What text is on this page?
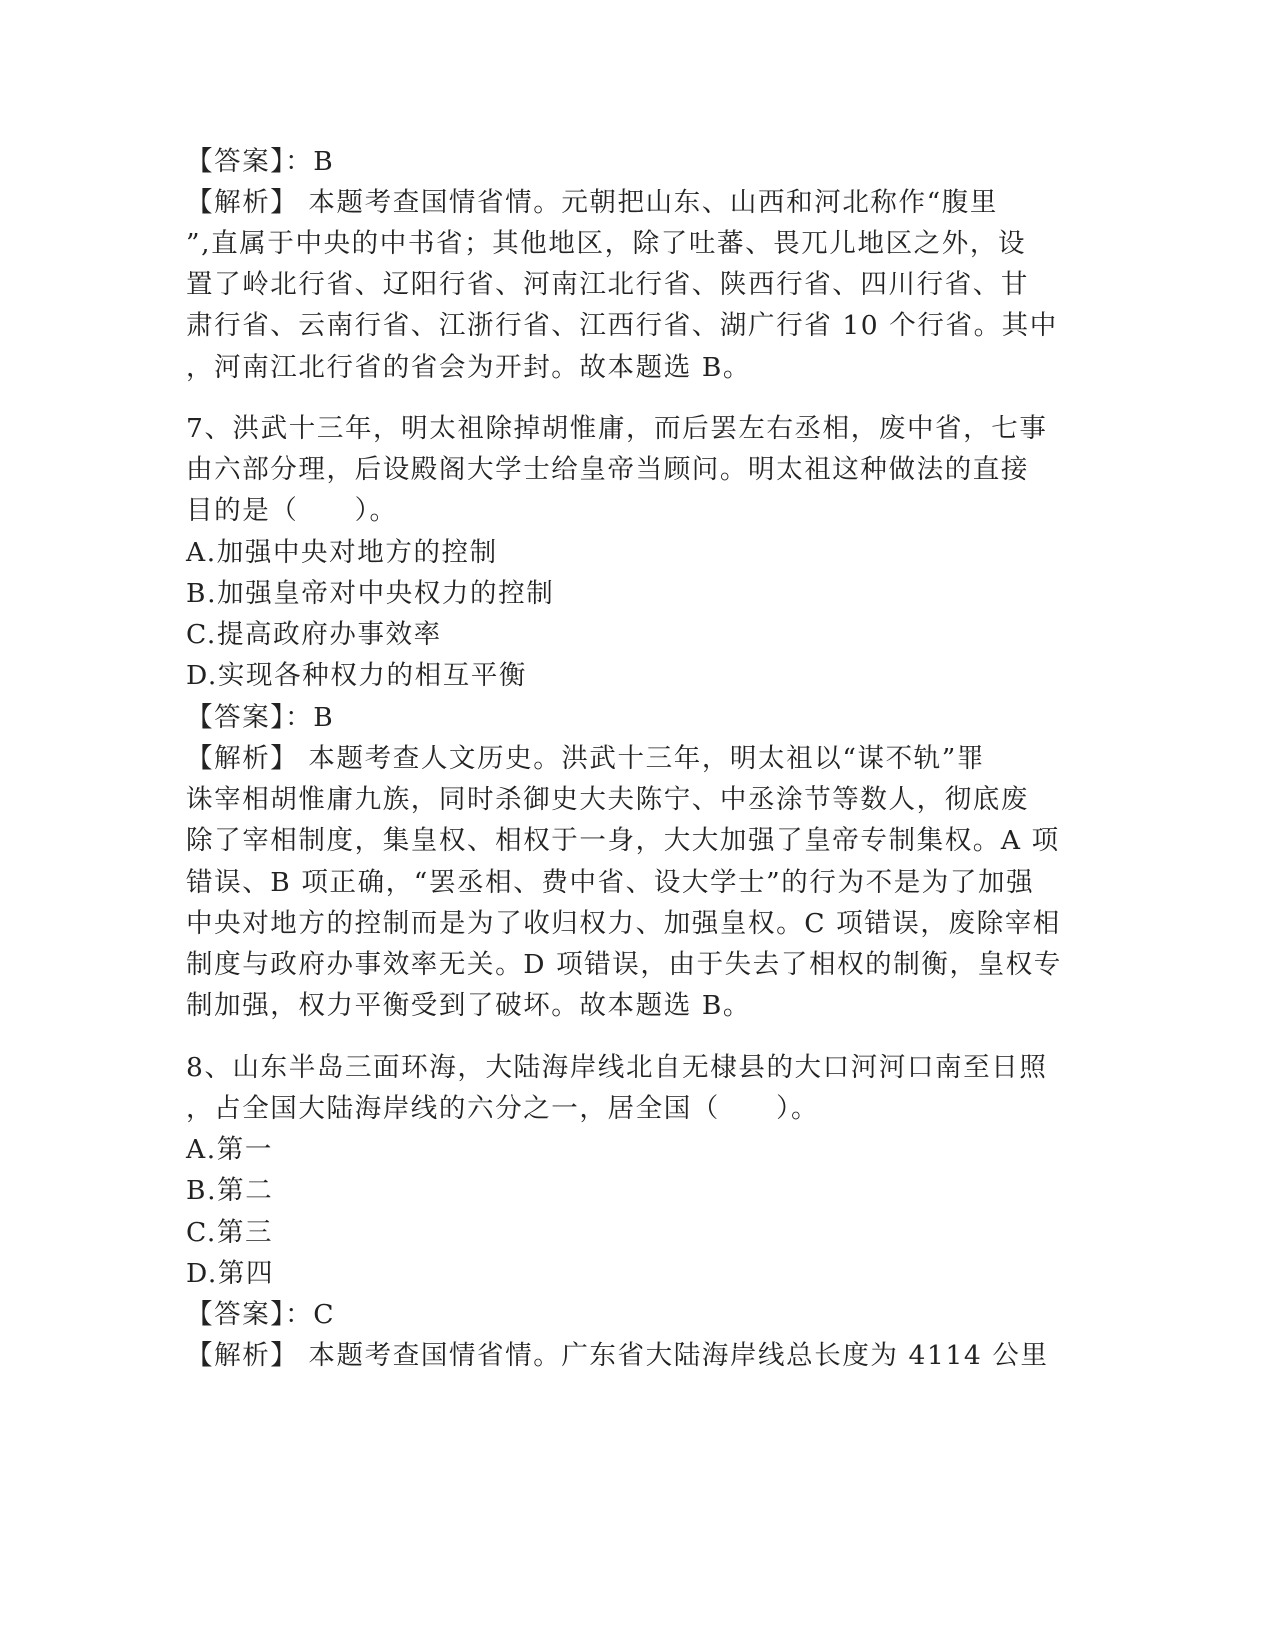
【答案】：B
【解析】 本题考查国情省情。元朝把山东、山西和河北称作“腹里
”,直属于中央的中书省；其他地区，除了吐蕃、畏兀儿地区之外，设
置了岭北行省、辽阳行省、河南江北行省、陕西行省、四川行省、甘
肃行省、云南行省、江浙行省、江西行省、湖广行省 10 个行省。其中
，河南江北行省的省会为开封。故本题选 B。
7、洪武十三年，明太祖除掉胡惟庸，而后罢左右丞相，废中省，七事
由六部分理，后设殿阁大学士给皇帝当顾问。明太祖这种做法的直接
目的是（　　）。
A.加强中央对地方的控制
B.加强皇帝对中央权力的控制
C.提高政府办事效率
D.实现各种权力的相互平衡
【答案】：B
【解析】 本题考查人文历史。洪武十三年，明太祖以“谋不轨”罪
诛宰相胡惟庸九族，同时杀御史大夫陈宁、中丞涂节等数人，彻底废
除了宰相制度，集皇权、相权于一身，大大加强了皇帝专制集权。A 项
错误、B 项正确，“罢丞相、费中省、设大学士”的行为不是为了加强
中央对地方的控制而是为了收归权力、加强皇权。C 项错误，废除宰相
制度与政府办事效率无关。D 项错误，由于失去了相权的制衡，皇权专
制加强，权力平衡受到了破坏。故本题选 B。
8、山东半岛三面环海，大陆海岸线北自无棣县的大口河河口南至日照
，占全国大陆海岸线的六分之一，居全国（　　）。
A.第一
B.第二
C.第三
D.第四
【答案】：C
【解析】 本题考查国情省情。广东省大陆海岸线总长度为 4114 公里
